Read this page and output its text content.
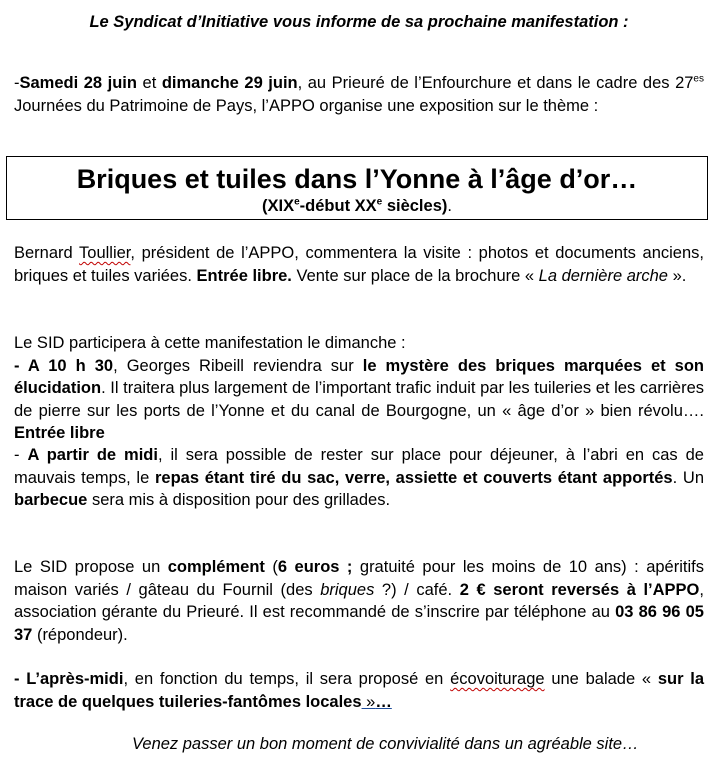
Le Syndicat d’Initiative vous informe de sa prochaine manifestation :
-Samedi 28 juin et dimanche 29 juin, au Prieuré de l’Enfourchure et dans le cadre des $27^{es}$ Journées du Patrimoine de Pays, l’APPO organise une exposition sur le thème :
Briques et tuiles dans l’Yonne à l’âge d’or…
(XIXe-début XXe siècles).
Bernard Toullier, président de l’APPO, commentera la visite : photos et documents anciens, briques et tuiles variées. Entrée libre. Vente sur place de la brochure « La dernière arche ».
Le SID participera à cette manifestation le dimanche :
- A 10 h 30, Georges Ribeill reviendra sur le mystère des briques marquées et son élucidation. Il traitera plus largement de l’important trafic induit par les tuileries et les carrières de pierre sur les ports de l’Yonne et du canal de Bourgogne, un « âge d’or » bien révolu…. Entrée libre
- A partir de midi, il sera possible de rester sur place pour déjeuner, à l’abri en cas de mauvais temps, le repas étant tiré du sac, verre, assiette et couverts étant apportés. Un barbecue sera mis à disposition pour des grillades.
Le SID propose un complément (6 euros ; gratuité pour les moins de 10 ans) : apéritifs maison variés / gâteau du Fournil (des briques ?) / café. 2 € seront reversés à l’APPO, association gérante du Prieuré. Il est recommandé de s’inscrire par téléphone au 03 86 96 05 37 (répondeur).
- L’après-midi, en fonction du temps, il sera proposé en écovoiturage une balade « sur la trace de quelques tuileries-fantômes locales »…
Venez passer un bon moment de convivialité dans un agréable site…
